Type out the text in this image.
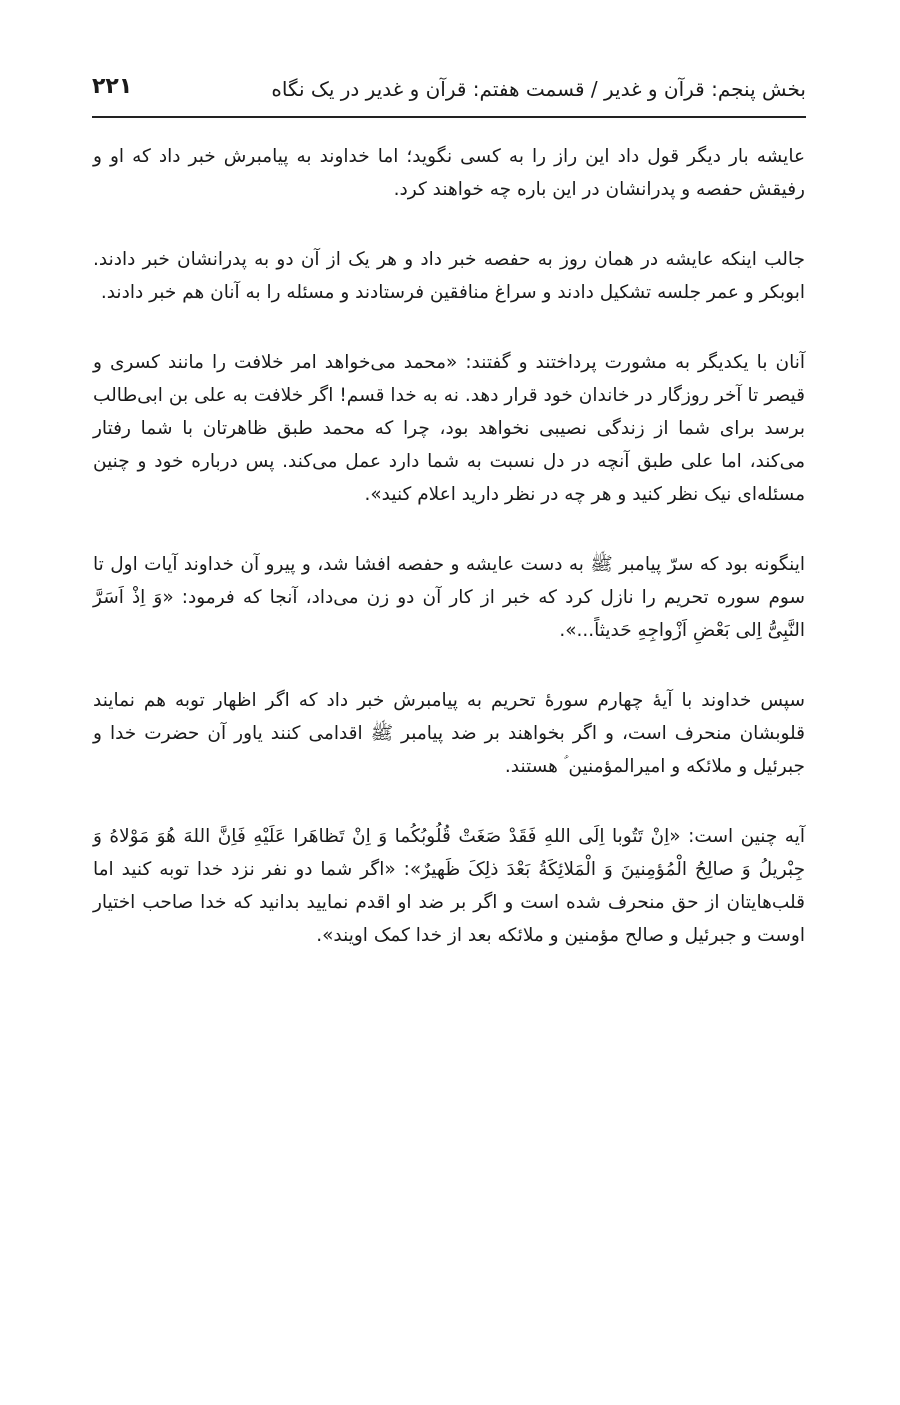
بخش پنجم: قرآن و غدیر / قسمت هفتم: قرآن و غدیر در یک نگاه
۲۲۱

عایشه بار دیگر قول داد این راز را به کسی نگوید؛ اما خداوند به پیامبرش خبر داد که او و رفیقش حفصه و پدرانشان در این باره چه خواهند کرد.

جالب اینکه عایشه در همان روز به حفصه خبر داد و هر یک از آن دو به پدرانشان خبر دادند. ابوبکر و عمر جلسه تشکیل دادند و سراغ منافقین فرستادند و مسئله را به آنان هم خبر دادند.

آنان با یکدیگر به مشورت پرداختند و گفتند: «محمد می‌خواهد امر خلافت را مانند کسری و قیصر تا آخر روزگار در خاندان خود قرار دهد. نه به خدا قسم! اگر خلافت به علی بن ابی‌طالب برسد برای شما از زندگی نصیبی نخواهد بود، چرا که محمد طبق ظاهرتان با شما رفتار می‌کند، اما علی طبق آنچه در دل نسبت به شما دارد عمل می‌کند. پس درباره خود و چنین مسئله‌ای نیک نظر کنید و هر چه در نظر دارید اعلام کنید».

اینگونه بود که سرّ پیامبر ﷺ به دست عایشه و حفصه افشا شد، و پیرو آن خداوند آیات اول تا سوم سوره تحریم را نازل کرد که خبر از کار آن دو زن می‌داد، آنجا که فرمود: «وَ اِذْ اَسَرَّ النَّبِیُّ اِلی بَعْضِ اَزْواجِهِ حَدیثاً...».

سپس خداوند با آیهٔ چهارم سورهٔ تحریم به پیامبرش خبر داد که اگر اظهار توبه هم نمایند قلوبشان منحرف است، و اگر بخواهند بر ضد پیامبر ﷺ اقدامی کنند یاور آن حضرت خدا و جبرئیل و ملائکه و امیرالمؤمنین ؑ هستند.

آیه چنین است: «اِنْ تَتُوبا اِلَی اللهِ فَقَدْ صَغَتْ قُلُوبُکُما وَ اِنْ تَظاهَرا عَلَیْهِ فَاِنَّ اللهَ هُوَ مَوْلاهُ وَ جِبْریلُ وَ صالِحُ الْمُؤمِنینَ وَ الْمَلائِکَةُ بَعْدَ ذلِکَ ظَهیرٌ»: «اگر شما دو نفر نزد خدا توبه کنید اما قلب‌هایتان از حق منحرف شده است و اگر بر ضد او اقدم نمایید بدانید که خدا صاحب اختیار اوست و جبرئیل و صالح مؤمنین و ملائکه بعد از خدا کمک اویند».
